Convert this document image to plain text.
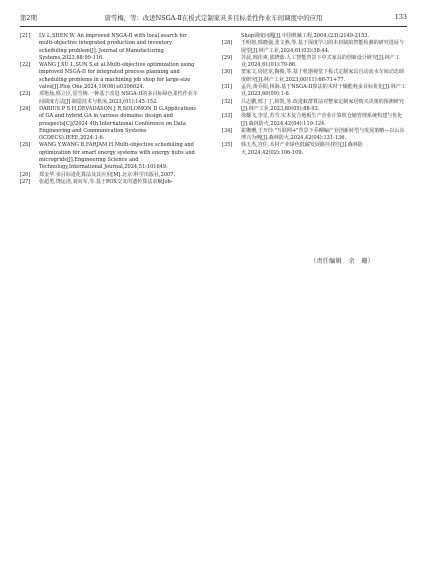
第2期	唐雪梅，等：改进NSGA-Ⅱ在板式定制家具多目标柔性作业车间调度中的应用	133
[21]	LV L,SHEN W. An improved NSGA-II with local search for multi-objective integrated production and inventory scheduling problem[J]. Journal of Manufacturing Systems,2023,68:99-116.
[22]	WANG J,XU L,SUN S,et al.Multi-objective optimization using improved NSGA-II for integrated process planning and scheduling problems in a machining job shop for large-size valve[J].Plos One,2024,19(06):e0306024.
[23]	邓艳灿,邢立臣,雷雪梅.一种基于改进 NSGA-II的多目标绿色柔性作业车间调度方法[J].制造技术与机床,2023,(01):145-152.
[24]	DABIUS P S H,DEVADASON J R,SOLOMON D G.Applications of GA and hybrid GA in various domains: design and prospects[C]//2024 4th International Conference on Data Engineering and Communication Systems (ICDECS).IEEE,2024:1-6.
[25]	WANG Y,WANG B,FARJAM H.Multi-objective scheduling and optimization for smart energy systems with energy hubs and microgrids[J].Engineering Science and Technology,International Journal,2024,51:101649.
[26]	郑金华.多目标进化算法及其应用[M].北京:科学出版社,2007.
[27]	张超勇,饶运清,刘向军,等.基于POX交叉的遗传算法求解Job-
Shop调度问题[J].中国机械工程,2004,(23):2149-2153.
[28]	王明将,邢晓强,张文燕,等.基于深度学习的木材缺陷智能检测的研究进展与展望[J].林产工业,2024,61(03):38-44.
[29]	苏晨,邢佳爽,邵晓茹.人工智能背景下中式家具的创新设计研究[J].林产工业,2024,61(01):79-86.
[30]	窦家文,周培龙,陶俊,等.基于机器视觉下板式定制家具自动流水车间动态调度研究[J].林产工业,2023,60(11):66-71+77.
[31]	孟亮,黄乔阳,林海.基于NSGA-II算法的木材干燥能耗多目标优化[J].林产工业,2023,60(09):1-6.
[32]	吕志鹏,邢丁丁,韩凯,等.改进蚁群算法对整家定制家居购买决策的预测研究[J].林产工业,2023,60(05):88-92.
[33]	徐耀飞,李星,苏雪.实木复合地板生产企业计算机仓储管理系统构建与优化[J].森林防火,2024,42(04):119-124.
[34]	霍珊珊,王开玲."互联网+"背景下乔柳编产业创新转型与发展策略—以山东博兴为例[J].森林防火,2024,42(04):131-136.
[35]	韩玉杰,宫任.木材产业绿色低碳发展路径找径[J].森林防火,2024,42(02):106-109.
（责任编辑　余　珊）
